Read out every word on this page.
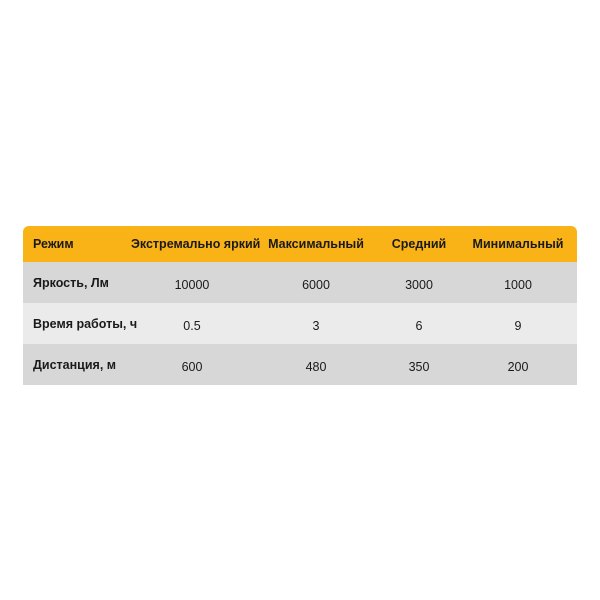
Режим	Экстремально яркий	Максимальный	Средний	Минимальный
Яркость, Лм	10000	6000	3000	1000
Время работы, ч	0.5	3	6	9
Дистанция, м	600	480	350	200
